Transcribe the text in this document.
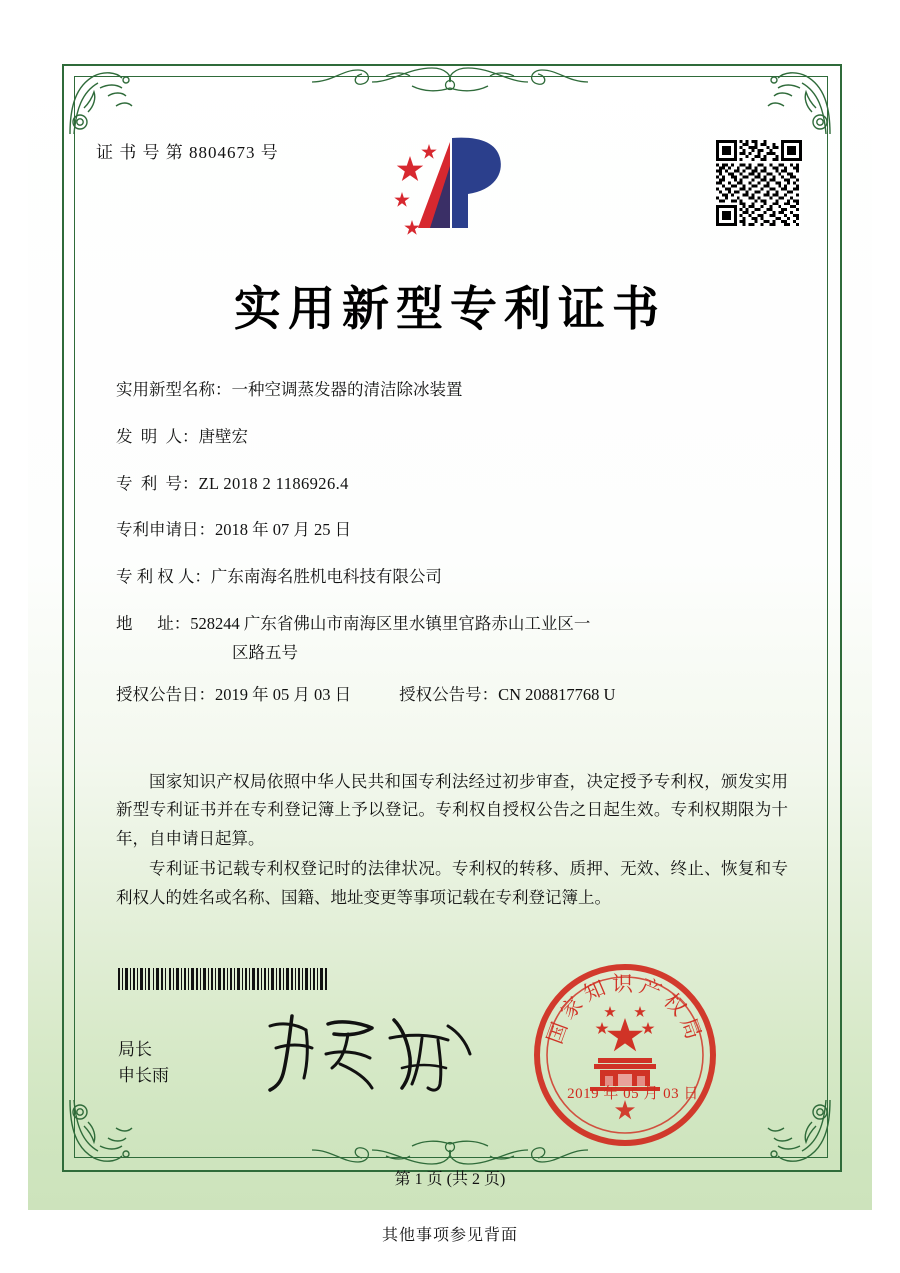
证 书 号 第 8804673 号
实用新型专利证书
实用新型名称： 一种空调蒸发器的清洁除冰装置
发  明  人： 唐壁宏
专  利  号： ZL 2018 2 1186926.4
专利申请日： 2018 年 07 月 25 日
专 利 权 人： 广东南海名胜机电科技有限公司
地      址： 528244 广东省佛山市南海区里水镇里官路赤山工业区一
区路五号
授权公告日： 2019 年 05 月 03 日	授权公告号： CN 208817768 U

国家知识产权局依照中华人民共和国专利法经过初步审查，决定授予专利权，颁发实用新型专利证书并在专利登记簿上予以登记。专利权自授权公告之日起生效。专利权期限为十年，自申请日起算。

专利证书记载专利权登记时的法律状况。专利权的转移、质押、无效、终止、恢复和专利权人的姓名或名称、国籍、地址变更等事项记载在专利登记簿上。

局长
申长雨
国家知识产权局
2019 年 05 月 03 日
第 1 页 (共 2 页)
其他事项参见背面
